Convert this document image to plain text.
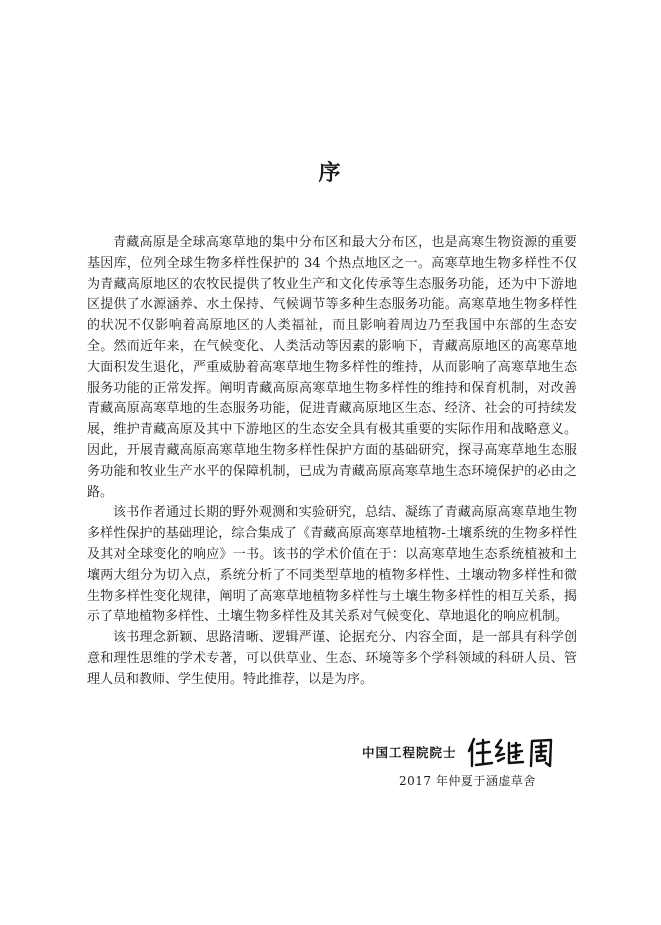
序

青藏高原是全球高寒草地的集中分布区和最大分布区，也是高寒生物资源的重要基因库，位列全球生物多样性保护的 34 个热点地区之一。高寒草地生物多样性不仅为青藏高原地区的农牧民提供了牧业生产和文化传承等生态服务功能，还为中下游地区提供了水源涵养、水土保持、气候调节等多种生态服务功能。高寒草地生物多样性的状况不仅影响着高原地区的人类福祉，而且影响着周边乃至我国中东部的生态安全。然而近年来，在气候变化、人类活动等因素的影响下，青藏高原地区的高寒草地大面积发生退化，严重威胁着高寒草地生物多样性的维持，从而影响了高寒草地生态服务功能的正常发挥。阐明青藏高原高寒草地生物多样性的维持和保育机制，对改善青藏高原高寒草地的生态服务功能，促进青藏高原地区生态、经济、社会的可持续发展，维护青藏高原及其中下游地区的生态安全具有极其重要的实际作用和战略意义。因此，开展青藏高原高寒草地生物多样性保护方面的基础研究，探寻高寒草地生态服务功能和牧业生产水平的保障机制，已成为青藏高原高寒草地生态环境保护的必由之路。

该书作者通过长期的野外观测和实验研究，总结、凝练了青藏高原高寒草地生物多样性保护的基础理论，综合集成了《青藏高原高寒草地植物-土壤系统的生物多样性及其对全球变化的响应》一书。该书的学术价值在于：以高寒草地生态系统植被和土壤两大组分为切入点，系统分析了不同类型草地的植物多样性、土壤动物多样性和微生物多样性变化规律，阐明了高寒草地植物多样性与土壤生物多样性的相互关系，揭示了草地植物多样性、土壤生物多样性及其关系对气候变化、草地退化的响应机制。

该书理念新颖、思路清晰、逻辑严谨、论据充分、内容全面，是一部具有科学创意和理性思维的学术专著，可以供草业、生态、环境等多个学科领域的科研人员、管理人员和教师、学生使用。特此推荐，以是为序。

中国工程院院士
2017 年仲夏于涵虚草舍
